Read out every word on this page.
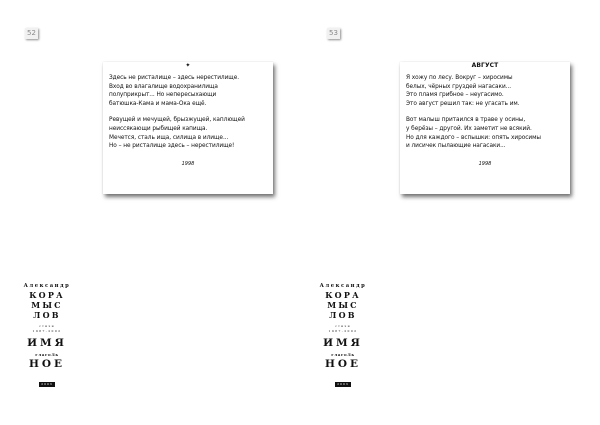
52
✦
Здесь не ристалище – здесь нерестилище.
Вход во влагалище водохранилища
полуприкрыт... Но непересыхающи
батюшка-Кама и мама-Ока ещё.
Ревущей и мечущей, брызжущей, каплющей
неиссякающи рыбищей капища.
Мечется, сталь ища, силища в илище...
Но – не ристалище здесь – нерестилище!
1998
Александр
КОРА
МЫС
ЛОВ
стихи
1987-2002
ИМЯ
глагоЛь
НОЕ
2003
53
АВГУСТ
Я хожу по лесу. Вокруг – хиросимы
белых, чёрных груздей нагасаки...
Это пламя грибное – неугасимо.
Это август решил так: не угасать им.
Вот малыш притаился в траве у осины,
у берёзы – другой. Их заметит не всякий.
Но для каждого – вспышки: опять хиросимы
и лисичек пылающие нагасаки...
1998
Александр
КОРА
МЫС
ЛОВ
стихи
1987-2002
ИМЯ
глагоЛь
НОЕ
2003
